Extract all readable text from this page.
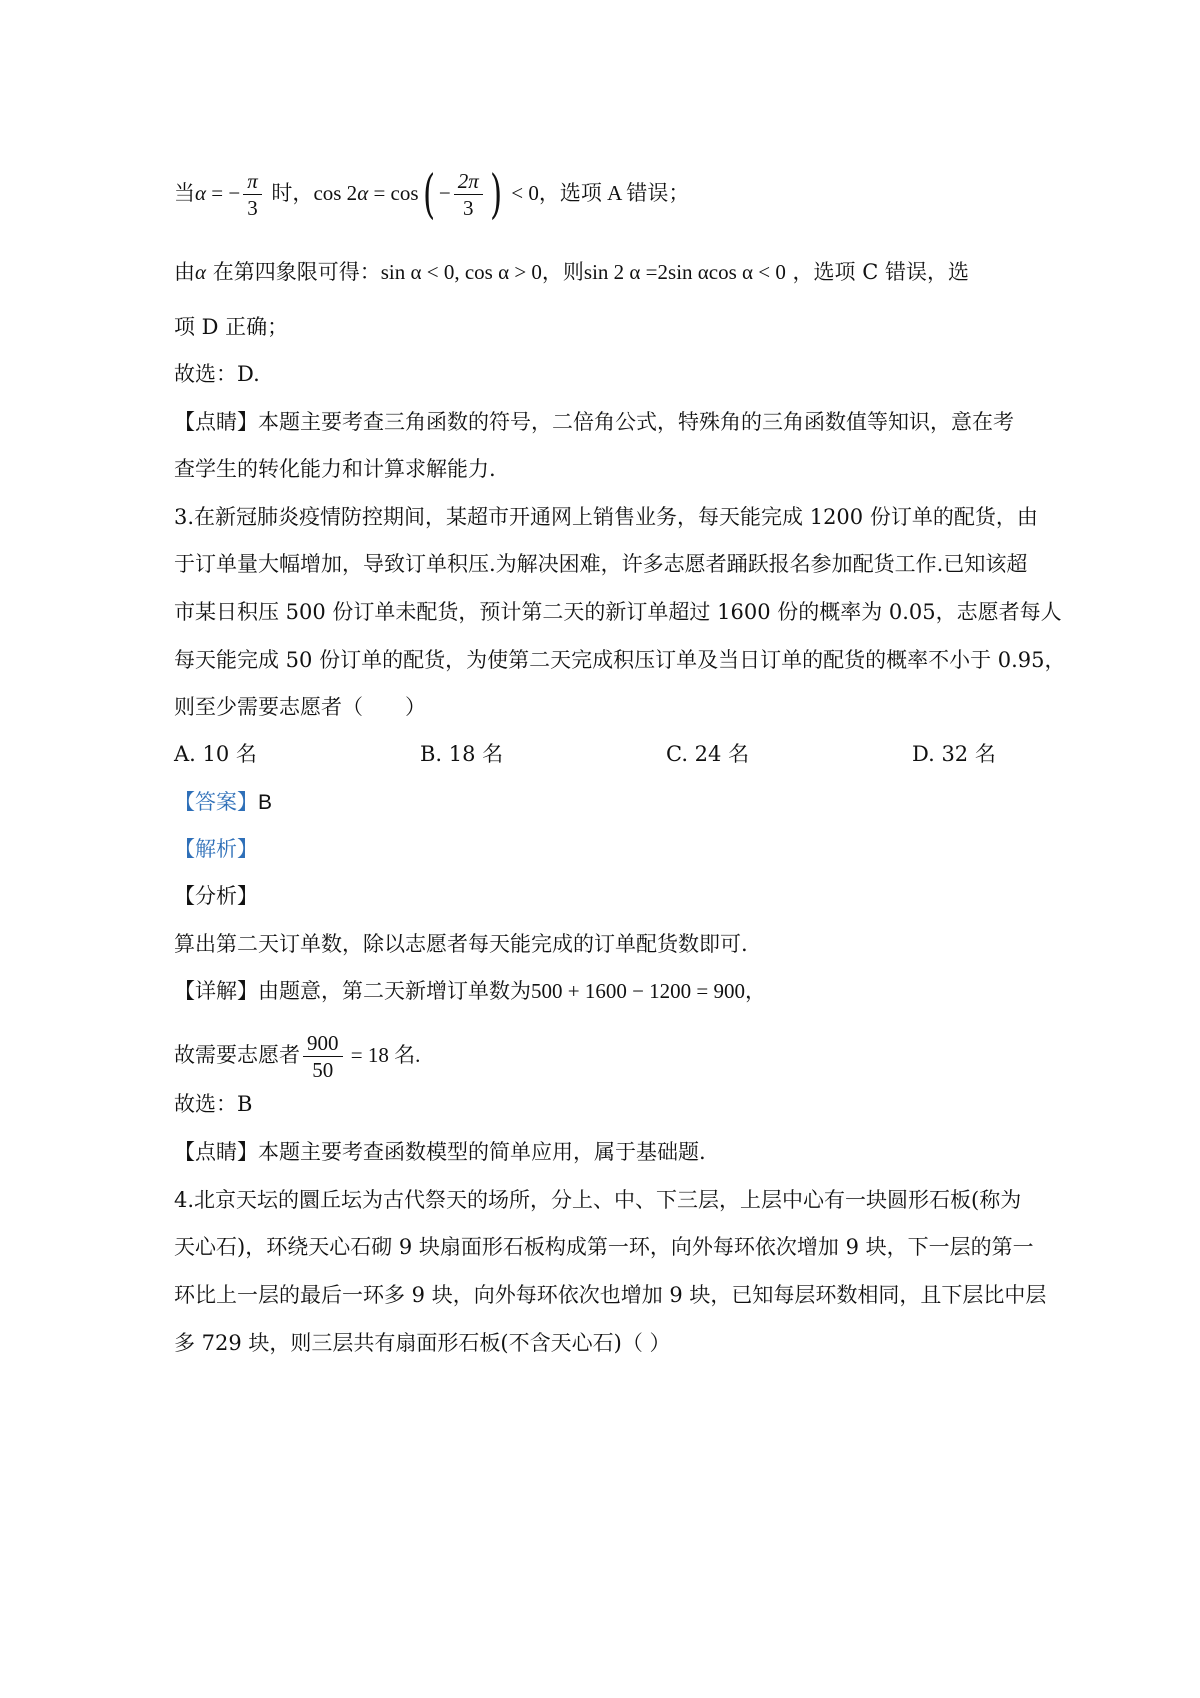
当α = − $\frac{\pi}{3}$ 时，$\cos 2\alpha = \cos( - \frac{2\pi}{3}$ ) < 0，选项 A 错误；
由α 在第四象限可得：sin α < 0, cos α > 0，则sin 2 α =2sin αcos α < 0 ，选项 C 错误，选
项 D 正确；
故选：D.
【点睛】本题主要考查三角函数的符号，二倍角公式，特殊角的三角函数值等知识，意在考
查学生的转化能力和计算求解能力.
3.在新冠肺炎疫情防控期间，某超市开通网上销售业务，每天能完成 1200 份订单的配货，由
于订单量大幅增加，导致订单积压.为解决困难，许多志愿者踊跃报名参加配货工作.已知该超
市某日积压 500 份订单未配货，预计第二天的新订单超过 1600 份的概率为 0.05，志愿者每人
每天能完成 50 份订单的配货，为使第二天完成积压订单及当日订单的配货的概率不小于 0.95，
则至少需要志愿者（　　）
A. 10 名	B. 18 名	C. 24 名	D. 32 名
【答案】B
【解析】
【分析】
算出第二天订单数，除以志愿者每天能完成的订单配货数即可.
【详解】由题意，第二天新增订单数为500 + 1600 − 1200 = 900，
故需要志愿者 $\frac{900}{50} = 18$ 名.
故选：B
【点睛】本题主要考查函数模型的简单应用，属于基础题.
4.北京天坛的圜丘坛为古代祭天的场所，分上、中、下三层，上层中心有一块圆形石板(称为
天心石)，环绕天心石砌 9 块扇面形石板构成第一环，向外每环依次增加 9 块，下一层的第一
环比上一层的最后一环多 9 块，向外每环依次也增加 9 块，已知每层环数相同，且下层比中层
多 729 块，则三层共有扇面形石板(不含天心石)（ ）
